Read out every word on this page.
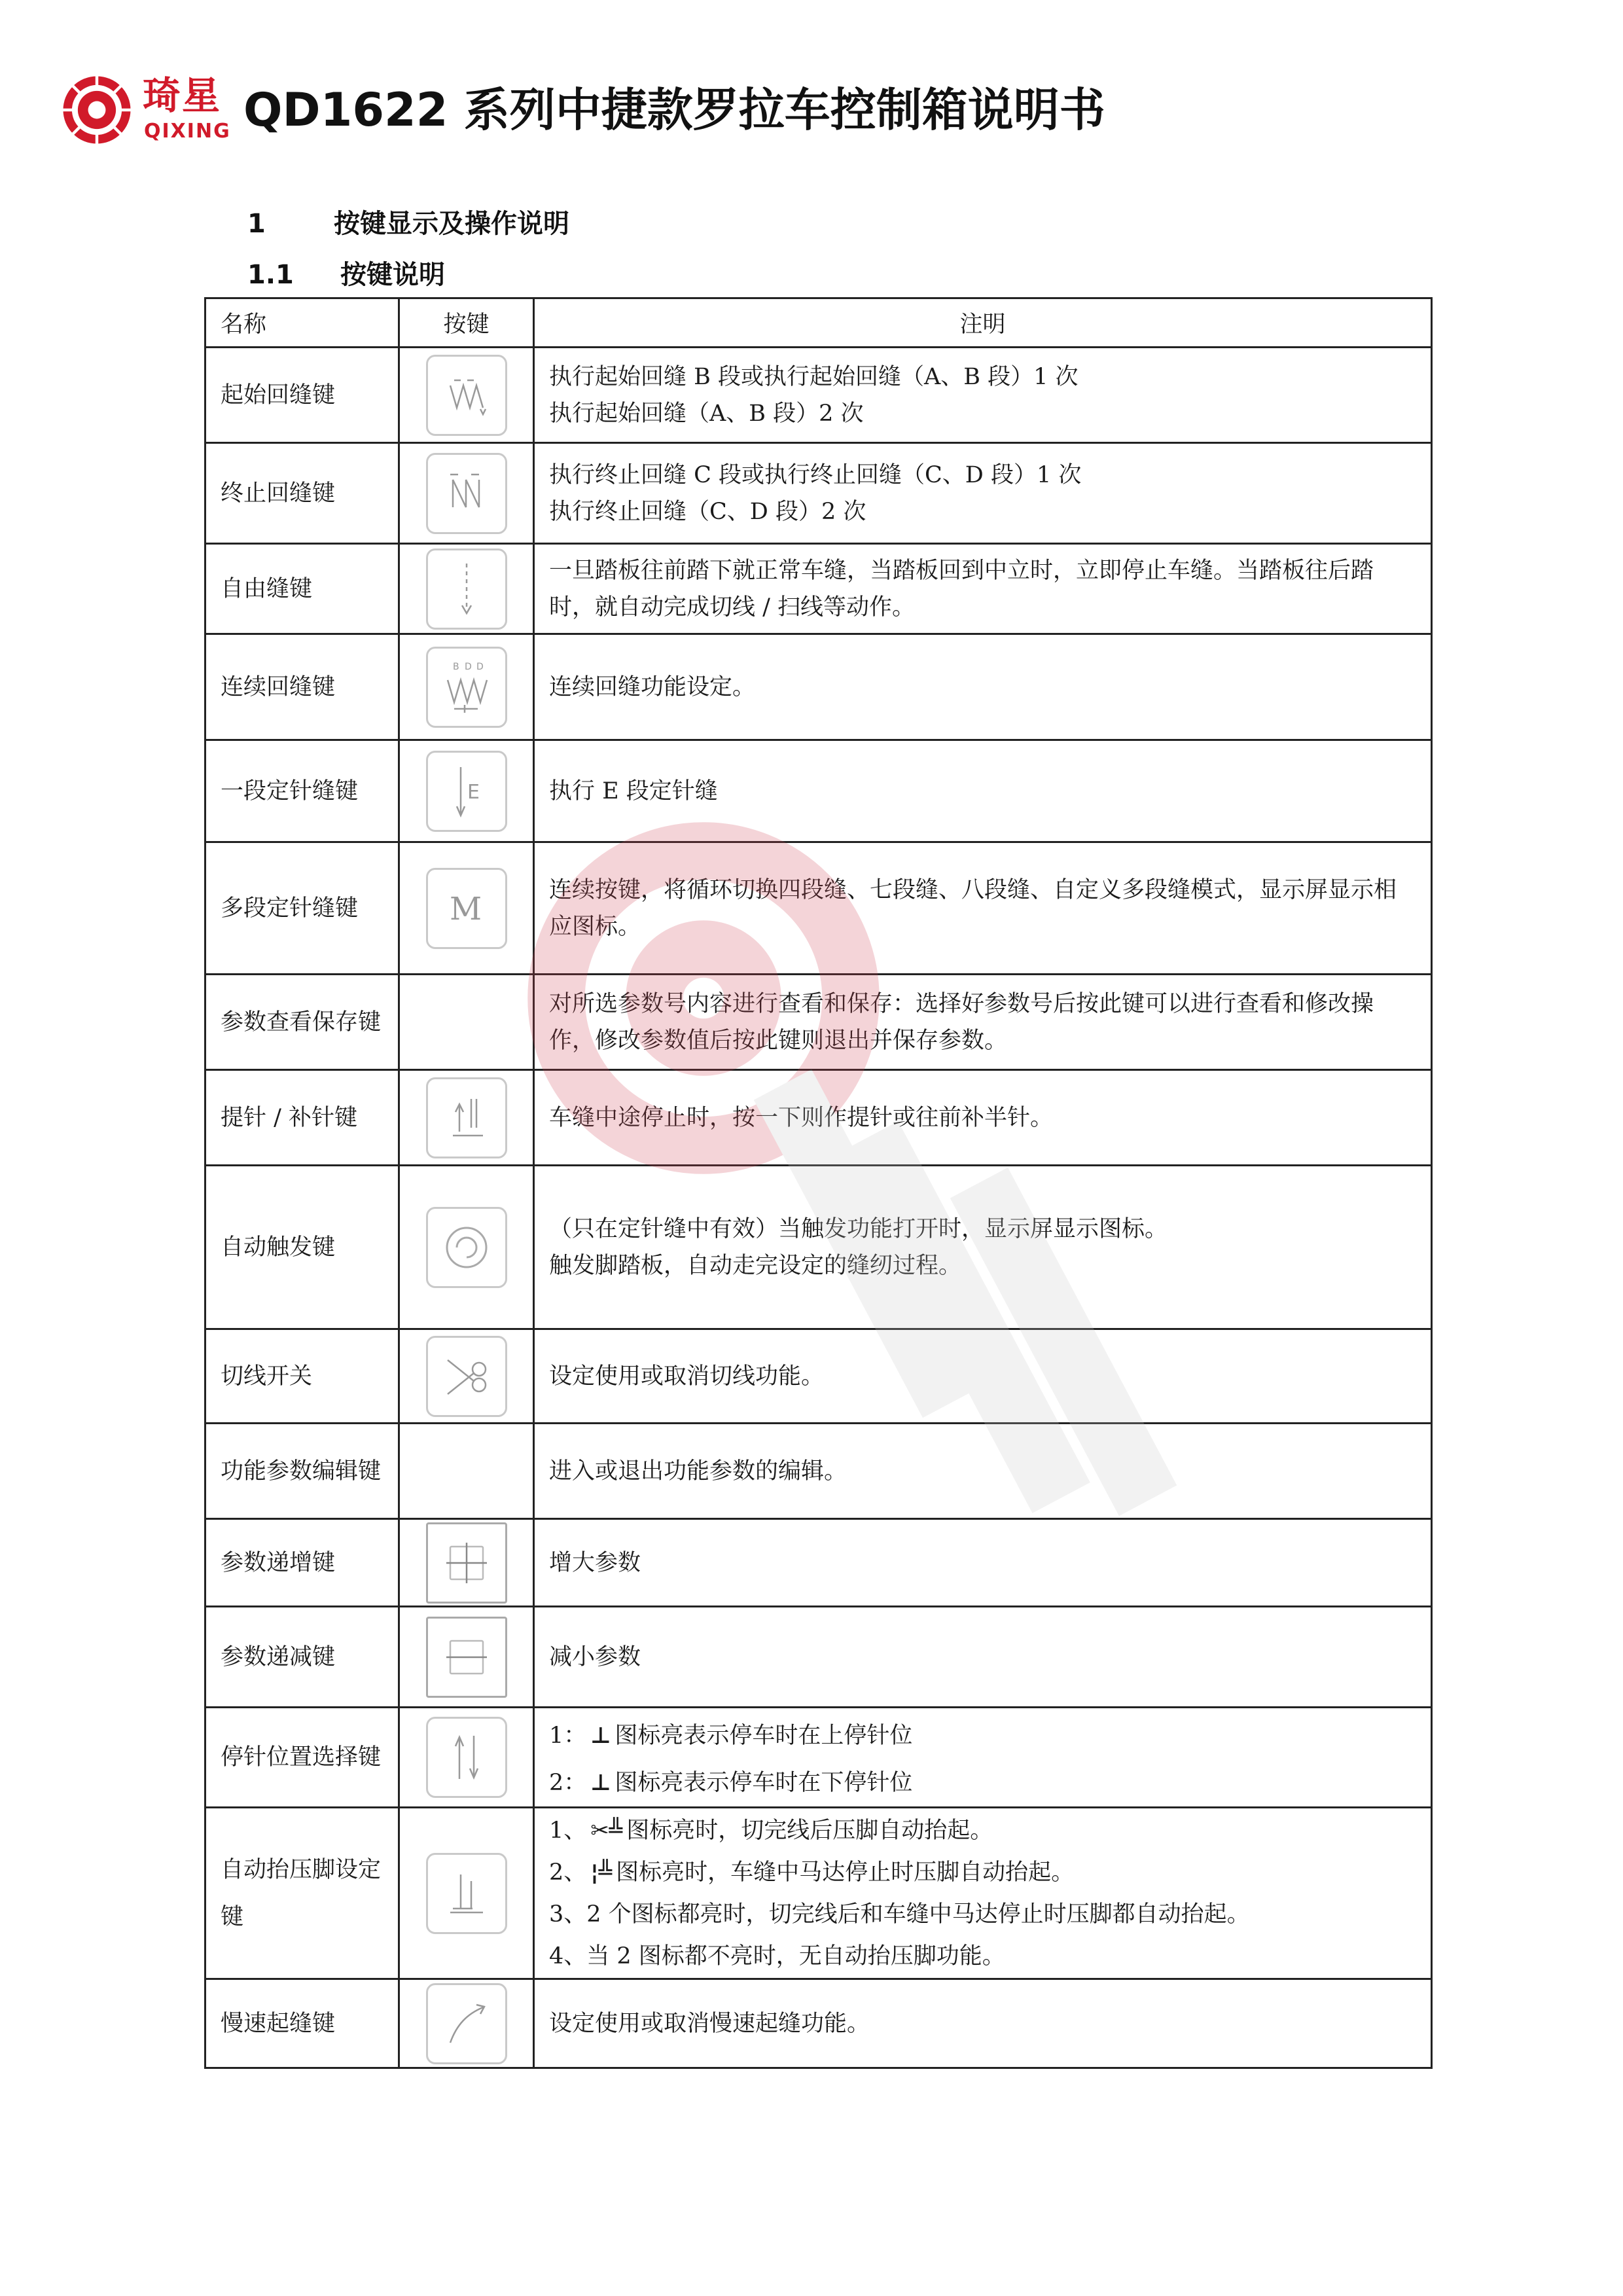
琦星
QIXING QD1622 系列中捷款罗拉车控制箱说明书
1	按键显示及操作说明
1.1 按键说明
名称	按键	注明
起始回缝键		执行起始回缝 B 段或执行起始回缝（A、B 段）1 次

执行起始回缝（A、B 段）2 次

终止回缝键		执行终止回缝 C 段或执行终止回缝（C、D 段）1 次

执行终止回缝（C、D 段）2 次

自由缝键		一旦踏板往前踏下就正常车缝，当踏板回到中立时，立即停止车缝。当踏板往后踏时，就自动完成切线 / 扫线等动作。

连续回缝键	B D D	连续回缝功能设定。

一段定针缝键	E	执行 E 段定针缝

多段定针缝键	M	连续按键，将循环切换四段缝、七段缝、八段缝、自定义多段缝模式，显示屏显示相应图标。

参数查看保存键		对所选参数号内容进行查看和保存：选择好参数号后按此键可以进行查看和修改操作，修改参数值后按此键则退出并保存参数。

提针 / 补针键		车缝中途停止时，按一下则作提针或往前补半针。

自动触发键		（只在定针缝中有效）当触发功能打开时，显示屏显示图标。

触发脚踏板，自动走完设定的缝纫过程。

切线开关		设定使用或取消切线功能。

功能参数编辑键		进入或退出功能参数的编辑。

参数递增键		增大参数

参数递减键		减小参数

停针位置选择键		1： ⊥ 图标亮表示停车时在上停针位

2： ⊥ 图标亮表示停车时在下停针位

自动抬压脚设定键		1、 ✂╩ 图标亮时，切完线后压脚自动抬起。

2、 ¦╩ 图标亮时，车缝中马达停止时压脚自动抬起。

3、2 个图标都亮时，切完线后和车缝中马达停止时压脚都自动抬起。

4、当 2 图标都不亮时，无自动抬压脚功能。

慢速起缝键		设定使用或取消慢速起缝功能。
